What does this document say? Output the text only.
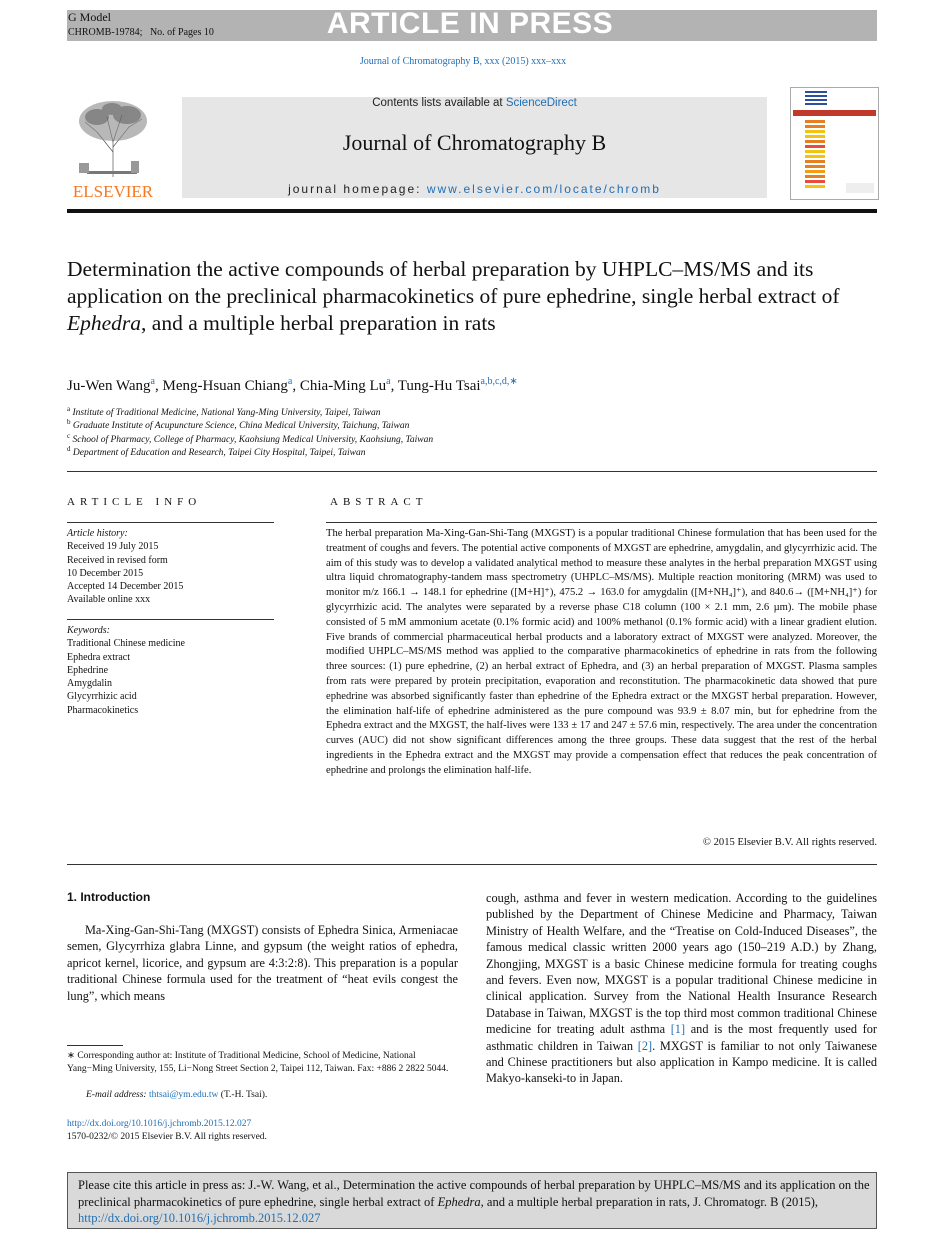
G Model
CHROMB-19784; No. of Pages 10	ARTICLE IN PRESS
Journal of Chromatography B, xxx (2015) xxx–xxx
ELSEVIER
Contents lists available at ScienceDirect
Journal of Chromatography B
journal homepage: www.elsevier.com/locate/chromb
Determination the active compounds of herbal preparation by UHPLC–MS/MS and its application on the preclinical pharmacokinetics of pure ephedrine, single herbal extract of Ephedra, and a multiple herbal preparation in rats
Ju-Wen Wang$^a$, Meng-Hsuan Chiang$^a$, Chia-Ming Lu$^a$, Tung-Hu Tsai$^{a,b,c,d,∗}$
$^a$ Institute of Traditional Medicine, National Yang-Ming University, Taipei, Taiwan
$^b$ Graduate Institute of Acupuncture Science, China Medical University, Taichung, Taiwan
$^c$ School of Pharmacy, College of Pharmacy, Kaohsiung Medical University, Kaohsiung, Taiwan
$^d$ Department of Education and Research, Taipei City Hospital, Taipei, Taiwan
ARTICLE INFO
Article history:
Received 19 July 2015
Received in revised form
10 December 2015
Accepted 14 December 2015
Available online xxx
Keywords:
Traditional Chinese medicine
Ephedra extract
Ephedrine
Amygdalin
Glycyrrhizic acid
Pharmacokinetics
ABSTRACT
The herbal preparation Ma-Xing-Gan-Shi-Tang (MXGST) is a popular traditional Chinese formulation that has been used for the treatment of coughs and fevers. The potential active components of MXGST are ephedrine, amygdalin, and glycyrrhizic acid. The aim of this study was to develop a validated analytical method to measure these analytes in the herbal preparation MXGST using ultra liquid chromatography-tandem mass spectrometry (UHPLC–MS/MS). Multiple reaction monitoring (MRM) was used to monitor m/z 166.1 → 148.1 for ephedrine ([M+H]⁺), 475.2 → 163.0 for amygdalin ([M+NH₄]⁺), and 840.6→ ([M+NH₄]⁺) for glycyrrhizic acid. The analytes were separated by a reverse phase C18 column (100 × 2.1 mm, 2.6 µm). The mobile phase consisted of 5 mM ammonium acetate (0.1% formic acid) and 100% methanol (0.1% formic acid) with a linear gradient elution. Five brands of commercial pharmaceutical herbal products and a laboratory extract of MXGST were analyzed. Moreover, the modified UHPLC–MS/MS method was applied to the comparative pharmacokinetics of ephedrine in rats from the following three sources: (1) pure ephedrine, (2) an herbal extract of Ephedra, and (3) an herbal preparation of MXGST. Plasma samples from rats were prepared by protein precipitation, evaporation and reconstitution. The pharmacokinetic data showed that pure ephedrine was absorbed significantly faster than ephedrine of the Ephedra extract or the MXGST herbal preparation. However, the elimination half-life of ephedrine administered as the pure compound was 93.9 ± 8.07 min, but for ephedrine from the Ephedra extract and the MXGST, the half-lives were 133 ± 17 and 247 ± 57.6 min, respectively. The area under the concentration curves (AUC) did not show significant differences among the three groups. These data suggest that the rest of the herbal ingredients in the Ephedra extract and the MXGST may provide a compensation effect that reduces the peak concentration of ephedrine and prolongs the elimination half-life.
© 2015 Elsevier B.V. All rights reserved.
1. Introduction
Ma-Xing-Gan-Shi-Tang (MXGST) consists of Ephedra Sinica, Armeniacae semen, Glycyrrhiza glabra Linne, and gypsum (the weight ratios of ephedra, apricot kernel, licorice, and gypsum are 4:3:2:8). This preparation is a popular traditional Chinese formula used for the treatment of “heat evils congest the lung”, which means
cough, asthma and fever in western medication. According to the guidelines published by the Department of Chinese Medicine and Pharmacy, Taiwan Ministry of Health Welfare, and the “Treatise on Cold-Induced Diseases”, the famous medical classic written 2000 years ago (150–219 A.D.) by Zhang, Zhongjing, MXGST is a basic Chinese medicine formula for treating coughs and fevers. Even now, MXGST is a popular traditional Chinese medicine in clinical application. Survey from the National Health Insurance Research Database in Taiwan, MXGST is the top third most common traditional Chinese medicine for treating adult asthma [1] and is the most frequently used for asthmatic children in Taiwan [2]. MXGST is familiar to not only Taiwanese and Chinese practitioners but also application in Kampo medicine. It is called Makyo-kanseki-to in Japan.
∗ Corresponding author at: Institute of Traditional Medicine, School of Medicine, National Yang−Ming University, 155, Li−Nong Street Section 2, Taipei 112, Taiwan. Fax: +886 2 2822 5044.
E-mail address: thtsai@ym.edu.tw (T.-H. Tsai).
http://dx.doi.org/10.1016/j.jchromb.2015.12.027
1570-0232/© 2015 Elsevier B.V. All rights reserved.
Please cite this article in press as: J.-W. Wang, et al., Determination the active compounds of herbal preparation by UHPLC–MS/MS and its application on the preclinical pharmacokinetics of pure ephedrine, single herbal extract of Ephedra, and a multiple herbal preparation in rats, J. Chromatogr. B (2015), http://dx.doi.org/10.1016/j.jchromb.2015.12.027
